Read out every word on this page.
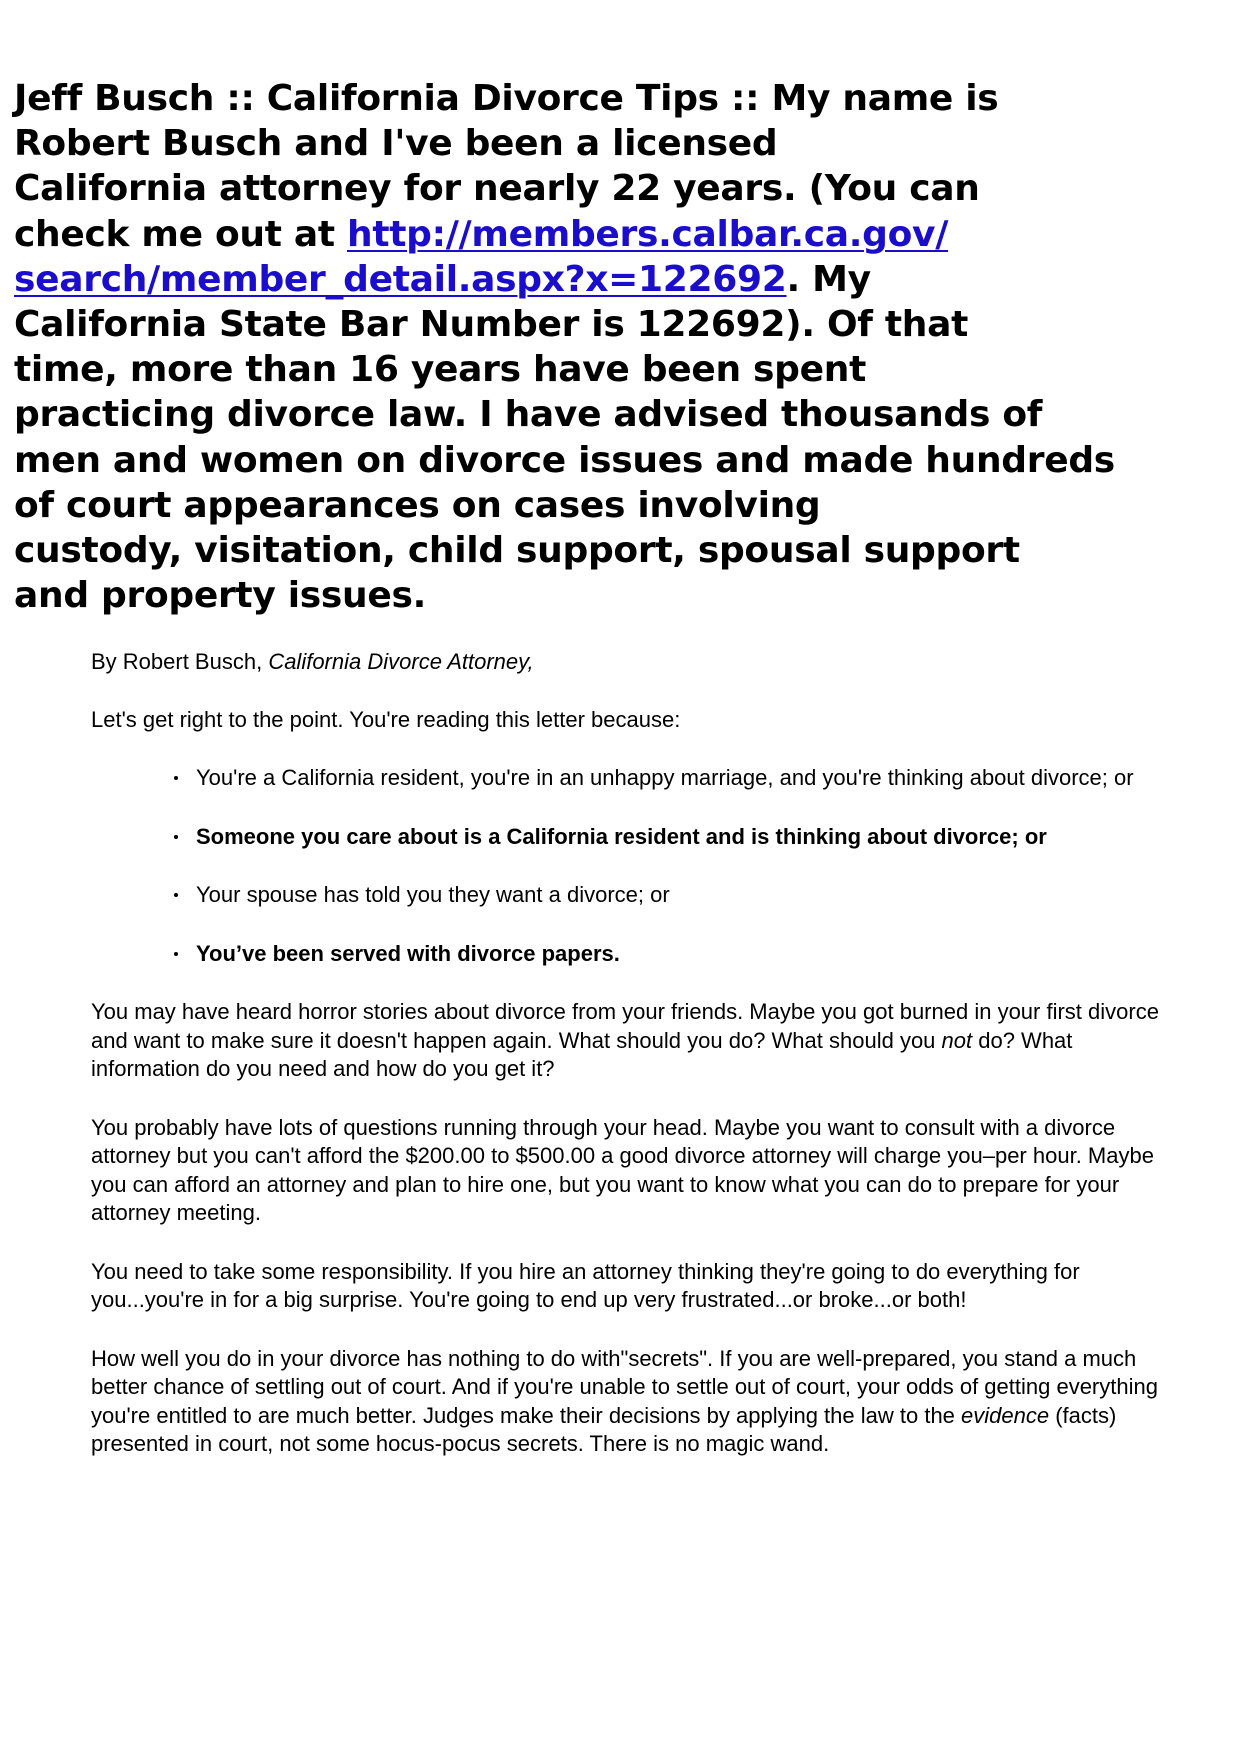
Jeff Busch :: California Divorce Tips :: My name is
Robert Busch and I've been a licensed
California attorney for nearly 22 years. (You can
check me out at http://members.calbar.ca.gov/
search/member_detail.aspx?x=122692. My
California State Bar Number is 122692). Of that
time, more than 16 years have been spent
practicing divorce law. I have advised thousands of
men and women on divorce issues and made hundreds
of court appearances on cases involving
custody, visitation, child support, spousal support
and property issues.

By Robert Busch, California Divorce Attorney,

Let's get right to the point. You're reading this letter because:

You're a California resident, you're in an unhappy marriage, and you're thinking about divorce; or
Someone you care about is a California resident and is thinking about divorce; or
Your spouse has told you they want a divorce; or
You’ve been served with divorce papers.

You may have heard horror stories about divorce from your friends. Maybe you got burned in your first divorce and want to make sure it doesn't happen again. What should you do? What should you not do? What information do you need and how do you get it?

You probably have lots of questions running through your head. Maybe you want to consult with a divorce attorney but you can't afford the $200.00 to $500.00 a good divorce attorney will charge you–per hour. Maybe you can afford an attorney and plan to hire one, but you want to know what you can do to prepare for your attorney meeting.

You need to take some responsibility. If you hire an attorney thinking they're going to do everything for you...you're in for a big surprise. You're going to end up very frustrated...or broke...or both!

How well you do in your divorce has nothing to do with"secrets". If you are well-prepared, you stand a much better chance of settling out of court. And if you're unable to settle out of court, your odds of getting everything you're entitled to are much better. Judges make their decisions by applying the law to the evidence (facts) presented in court, not some hocus-pocus secrets. There is no magic wand.
